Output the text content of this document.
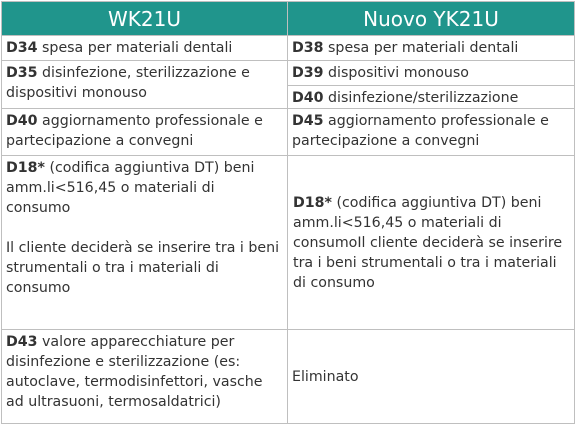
WK21U	Nuovo YK21U
D34 spesa per materiali dentali	D38 spesa per materiali dentali
D35 disinfezione, sterilizzazione e dispositivi monouso	D39 dispositivi monouso
D40 disinfezione/sterilizzazione

D40 aggiornamento professionale e partecipazione a convegni	D45 aggiornamento professionale e partecipazione a convegni
D18* (codifica aggiuntiva DT) beni amm.li<516,45 o materiali di consumo
Il cliente deciderà se inserire tra i beni strumentali o tra i materiali di consumo	D18* (codifica aggiuntiva DT) beni amm.li<516,45 o materiali di consumoIl cliente deciderà se inserire tra i beni strumentali o tra i materiali di consumo
D43 valore apparecchiature per disinfezione e sterilizzazione (es: autoclave, termodisinfettori, vasche ad ultrasuoni, termosaldatrici)	Eliminato
